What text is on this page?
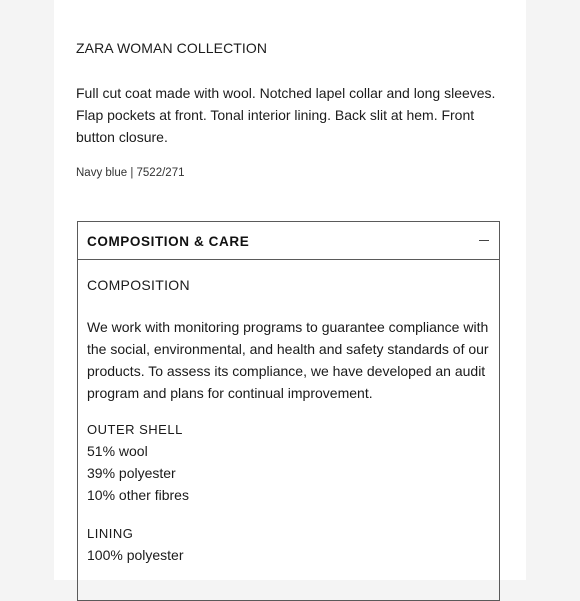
ZARA WOMAN COLLECTION
Full cut coat made with wool. Notched lapel collar and long sleeves. Flap pockets at front. Tonal interior lining. Back slit at hem. Front button closure.
Navy blue | 7522/271
COMPOSITION & CARE
COMPOSITION
We work with monitoring programs to guarantee compliance with the social, environmental, and health and safety standards of our products. To assess its compliance, we have developed an audit program and plans for continual improvement.
OUTER SHELL
51% wool
39% polyester
10% other fibres
LINING
100% polyester
